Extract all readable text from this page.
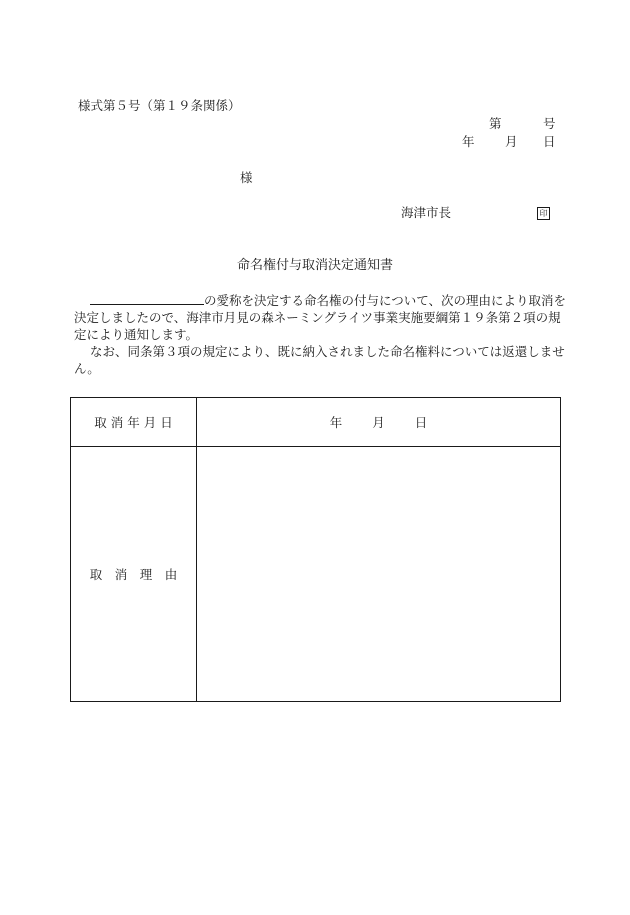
様式第５号（第１９条関係）
第	号
年 月 日
様
海津市長	印
命名権付与取消決定通知書

の愛称を決定する命名権の付与について、次の理由により取消を決定しましたので、海津市月見の森ネーミングライツ事業実施要綱第１９条第２項の規定により通知します。

なお、同条第３項の規定により、既に納入されました命名権料については返還しません。

取 消 年 月 日	年 月 日
取　消　理　由	
